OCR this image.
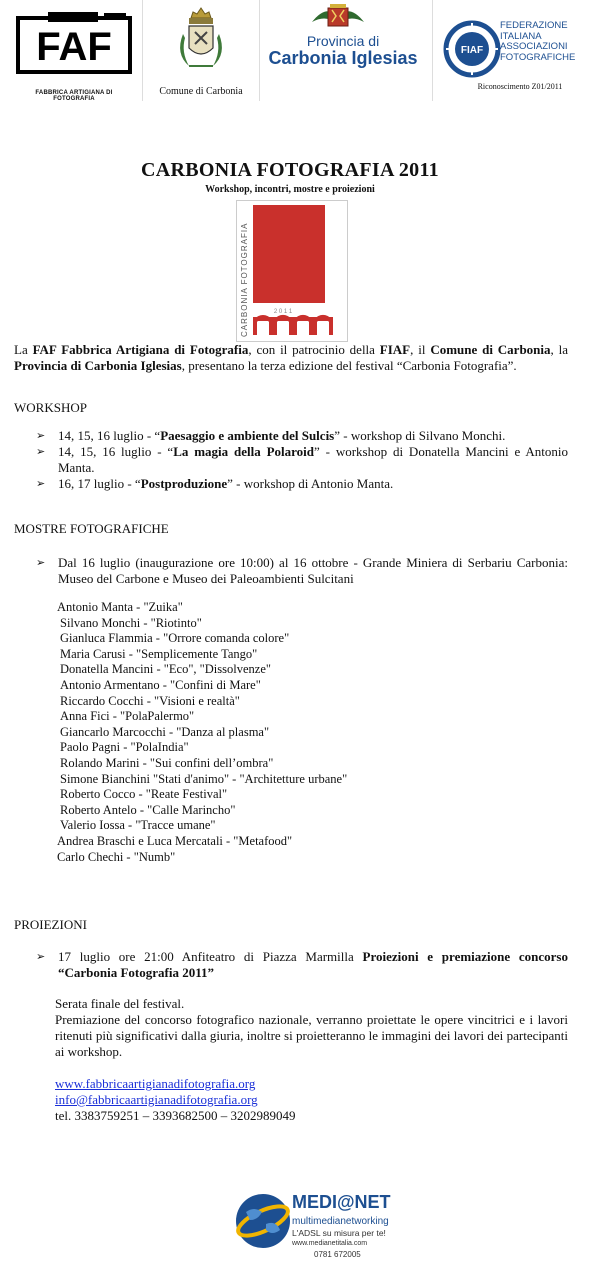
FAF
FABBRICA ARTIGIANA DI FOTOGRAFIA
Comune di Carbonia
Provincia di
Carbonia Iglesias	FIAF
FEDERAZIONE
ITALIANA
ASSOCIAZIONI
FOTOGRAFICHE
Riconoscimento Z01/2011
CARBONIA FOTOGRAFIA 2011
Workshop, incontri, mostre e proiezioni
CARBONIA FOTOGRAFIA	2 0 1 1

La FAF Fabbrica Artigiana di Fotografia, con il patrocinio della FIAF, il Comune di Carbonia, la Provincia di Carbonia Iglesias, presentano la terza edizione del festival “Carbonia Fotografia”.

WORKSHOP
➢ 14, 15, 16 luglio - “Paesaggio e ambiente del Sulcis” - workshop di Silvano Monchi.
➢ 14, 15, 16 luglio - “La magia della Polaroid” - workshop di Donatella Mancini e Antonio Manta.
➢ 16, 17 luglio - “Postproduzione” - workshop di Antonio Manta.
MOSTRE FOTOGRAFICHE
➢ Dal 16 luglio (inaugurazione ore 10:00) al 16 ottobre - Grande Miniera di Serbariu Carbonia: Museo del Carbone e Museo dei Paleoambienti Sulcitani
Antonio Manta - "Zuika"
Silvano Monchi - "Riotinto"
Gianluca Flammia - "Orrore comanda colore"
Maria Carusi - "Semplicemente Tango"
Donatella Mancini - "Eco", "Dissolvenze"
Antonio Armentano - "Confini di Mare"
Riccardo Cocchi - "Visioni e realtà"
Anna Fici - "PolaPalermo"
Giancarlo Marcocchi - "Danza al plasma"
Paolo Pagni - "PolaIndia"
Rolando Marini - "Sui confini dell’ombra"
Simone Bianchini "Stati d'animo" - "Architetture urbane"
Roberto Cocco - "Reate Festival"
Roberto Antelo - "Calle Marincho"
Valerio Iossa - "Tracce umane"
Andrea Braschi e Luca Mercatali - "Metafood"
Carlo Chechi - "Numb"
PROIEZIONI
➢ 17 luglio ore 21:00 Anfiteatro di Piazza Marmilla Proiezioni e premiazione concorso “Carbonia Fotografia 2011”

Serata finale del festival.

Premiazione del concorso fotografico nazionale, verranno proiettate le opere vincitrici e i lavori ritenuti più significativi dalla giuria, inoltre si proietteranno le immagini dei lavori dei partecipanti ai workshop.

www.fabbricaartigianadifotografia.org
info@fabbricaartigianadifotografia.org
tel. 3383759251 – 3393682500 – 3202989049
MEDI@NET
multimedianetworking
L'ADSL su misura per te!
www.medianetitalia.com
0781 672005
